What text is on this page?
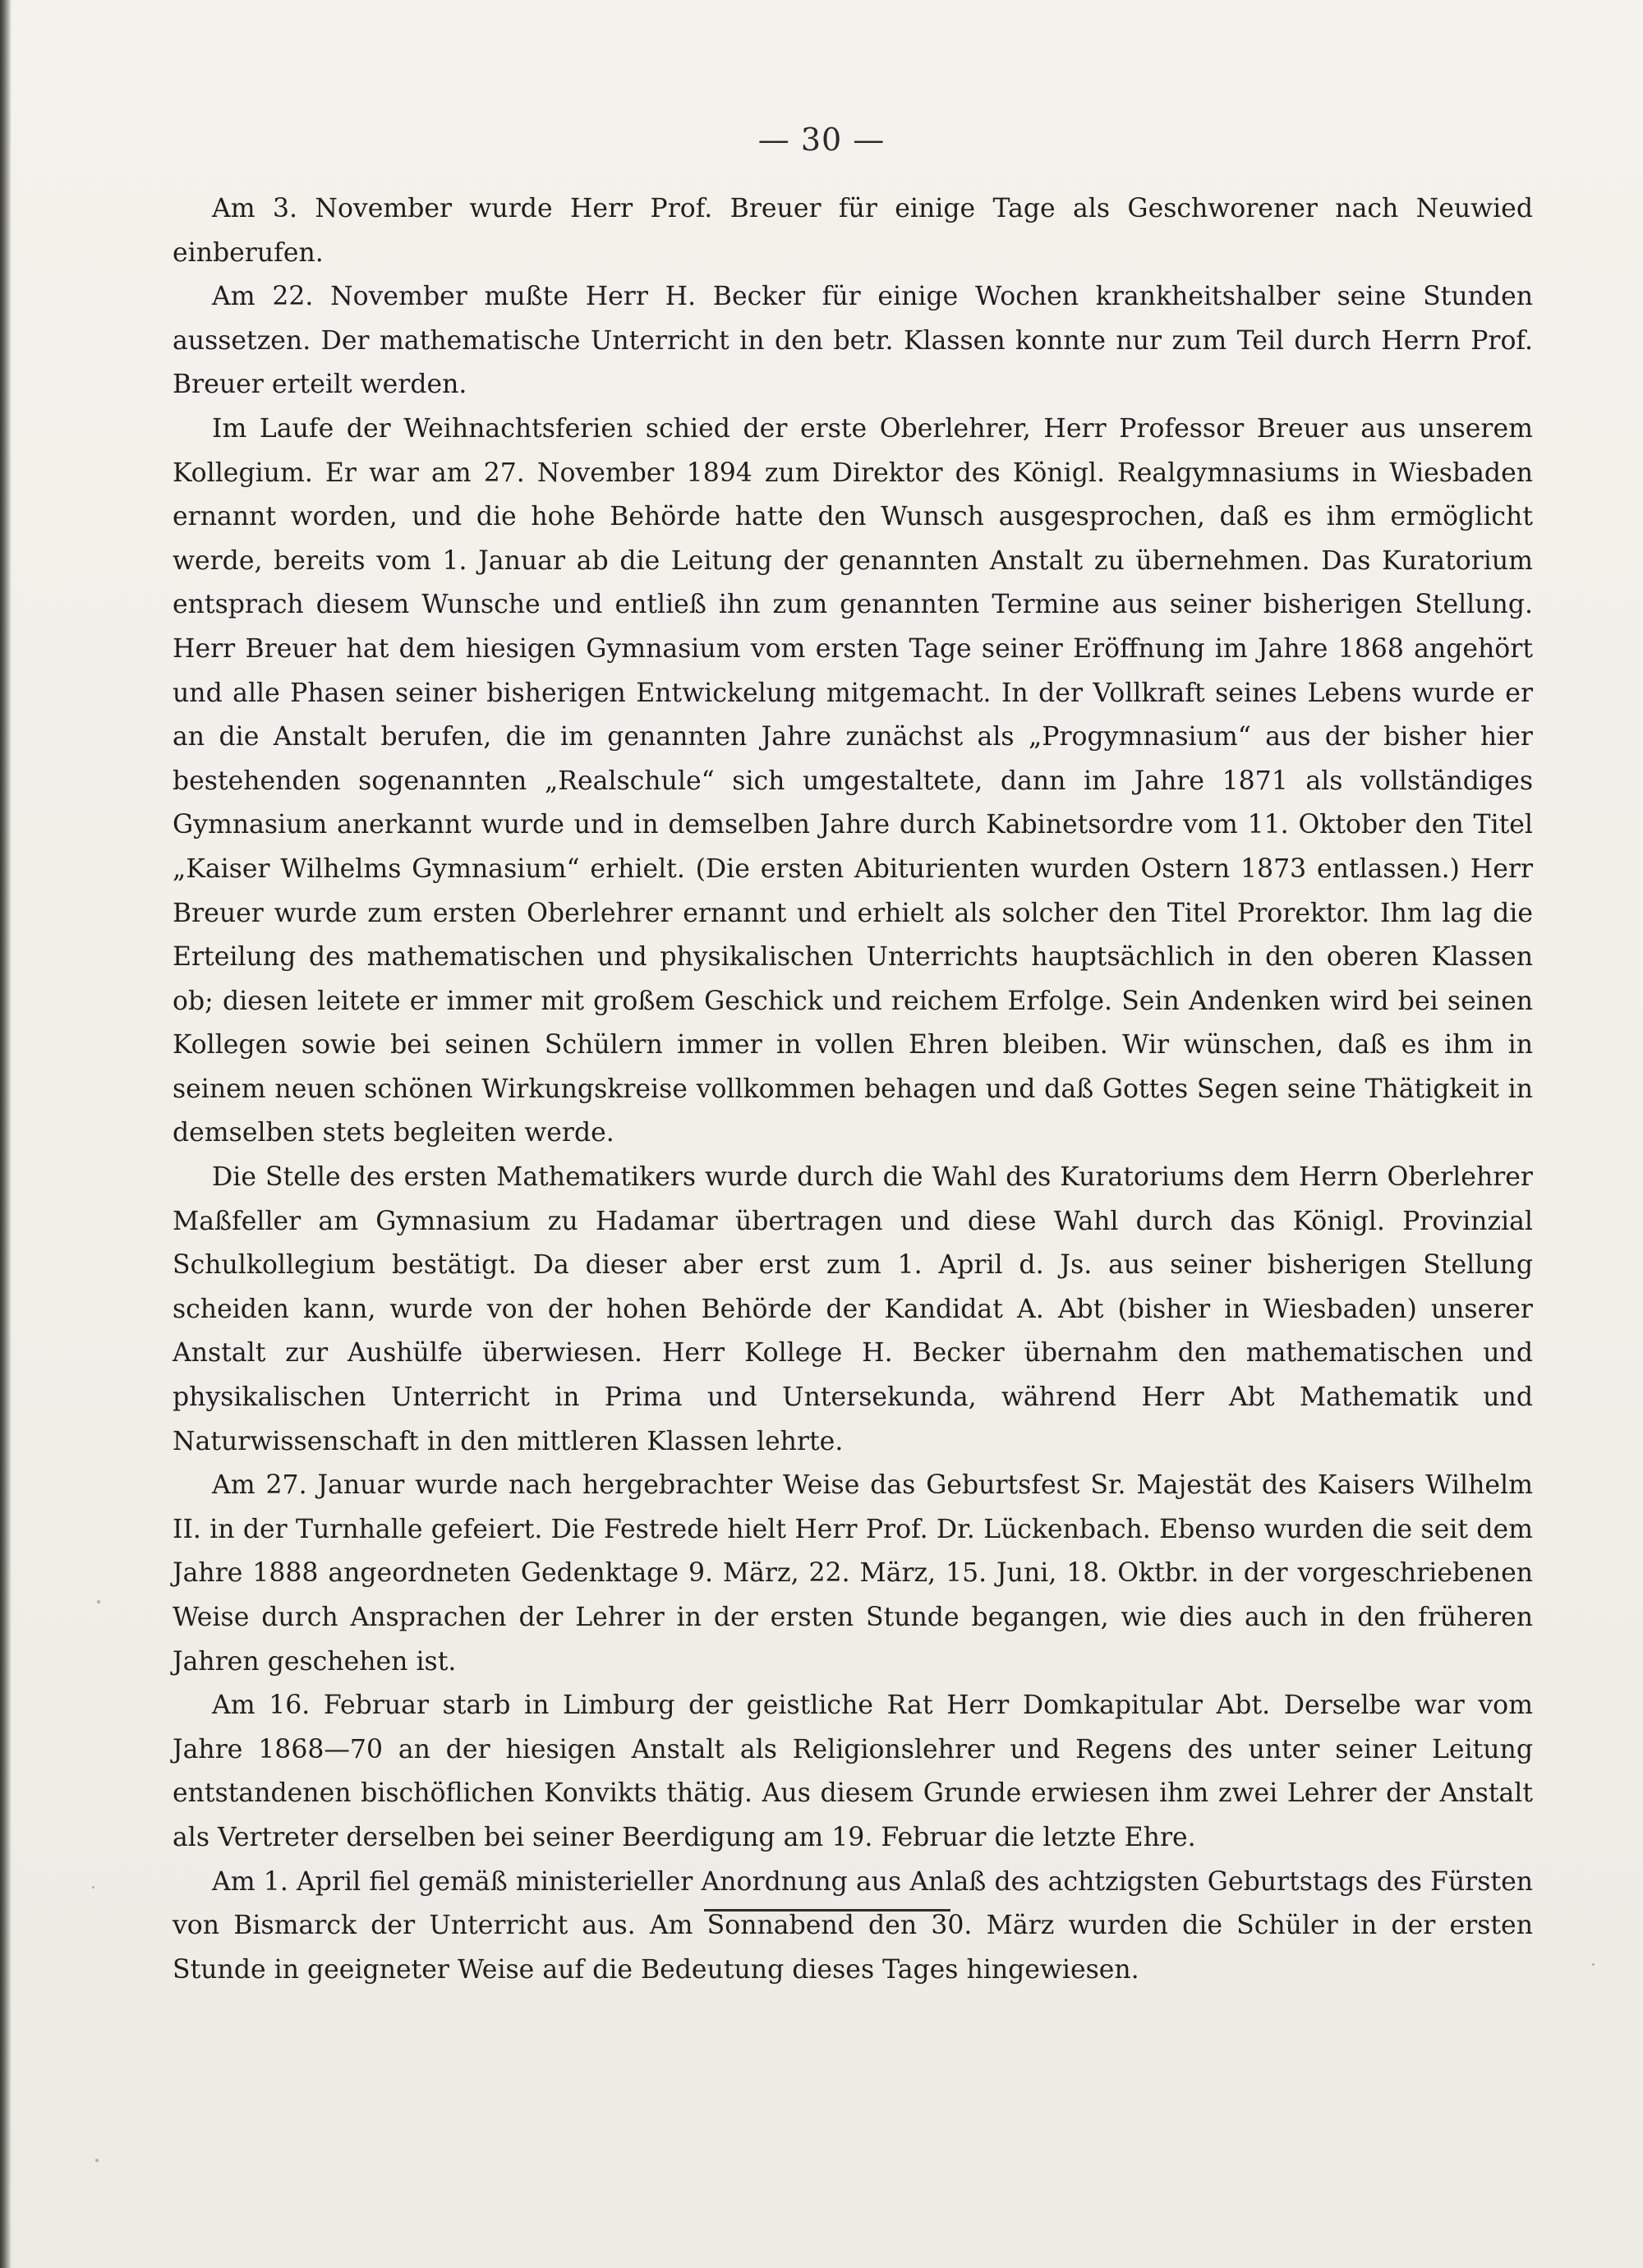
— 30 —

Am 3. November wurde Herr Prof. Breuer für einige Tage als Geschworener nach Neuwied einberufen.

Am 22. November mußte Herr H. Becker für einige Wochen krankheitshalber seine Stunden aussetzen. Der mathematische Unterricht in den betr. Klassen konnte nur zum Teil durch Herrn Prof. Breuer erteilt werden.

Im Laufe der Weihnachtsferien schied der erste Oberlehrer, Herr Professor Breuer aus unserem Kollegium. Er war am 27. November 1894 zum Direktor des Königl. Realgymnasiums in Wiesbaden ernannt worden, und die hohe Behörde hatte den Wunsch ausgesprochen, daß es ihm ermöglicht werde, bereits vom 1. Januar ab die Leitung der genannten Anstalt zu übernehmen. Das Kuratorium entsprach diesem Wunsche und entließ ihn zum genannten Termine aus seiner bisherigen Stellung. Herr Breuer hat dem hiesigen Gymnasium vom ersten Tage seiner Eröffnung im Jahre 1868 angehört und alle Phasen seiner bisherigen Entwickelung mitgemacht. In der Vollkraft seines Lebens wurde er an die Anstalt berufen, die im genannten Jahre zunächst als „Progymnasium“ aus der bisher hier bestehenden sogenannten „Realschule“ sich umgestaltete, dann im Jahre 1871 als vollständiges Gymnasium anerkannt wurde und in demselben Jahre durch Kabinetsordre vom 11. Oktober den Titel „Kaiser Wilhelms Gymnasium“ erhielt. (Die ersten Abiturienten wurden Ostern 1873 entlassen.) Herr Breuer wurde zum ersten Oberlehrer ernannt und erhielt als solcher den Titel Prorektor. Ihm lag die Erteilung des mathematischen und physikalischen Unterrichts hauptsächlich in den oberen Klassen ob; diesen leitete er immer mit großem Geschick und reichem Erfolge. Sein Andenken wird bei seinen Kollegen sowie bei seinen Schülern immer in vollen Ehren bleiben. Wir wünschen, daß es ihm in seinem neuen schönen Wirkungskreise vollkommen behagen und daß Gottes Segen seine Thätigkeit in demselben stets begleiten werde.

Die Stelle des ersten Mathematikers wurde durch die Wahl des Kuratoriums dem Herrn Oberlehrer Maßfeller am Gymnasium zu Hadamar übertragen und diese Wahl durch das Königl. Provinzial Schulkollegium bestätigt. Da dieser aber erst zum 1. April d. Js. aus seiner bisherigen Stellung scheiden kann, wurde von der hohen Behörde der Kandidat A. Abt (bisher in Wiesbaden) unserer Anstalt zur Aushülfe überwiesen. Herr Kollege H. Becker übernahm den mathematischen und physikalischen Unterricht in Prima und Untersekunda, während Herr Abt Mathematik und Naturwissenschaft in den mittleren Klassen lehrte.

Am 27. Januar wurde nach hergebrachter Weise das Geburtsfest Sr. Majestät des Kaisers Wilhelm II. in der Turnhalle gefeiert. Die Festrede hielt Herr Prof. Dr. Lückenbach. Ebenso wurden die seit dem Jahre 1888 angeordneten Gedenktage 9. März, 22. März, 15. Juni, 18. Oktbr. in der vorgeschriebenen Weise durch Ansprachen der Lehrer in der ersten Stunde begangen, wie dies auch in den früheren Jahren geschehen ist.

Am 16. Februar starb in Limburg der geistliche Rat Herr Domkapitular Abt. Derselbe war vom Jahre 1868—70 an der hiesigen Anstalt als Religionslehrer und Regens des unter seiner Leitung entstandenen bischöflichen Konvikts thätig. Aus diesem Grunde erwiesen ihm zwei Lehrer der Anstalt als Vertreter derselben bei seiner Beerdigung am 19. Februar die letzte Ehre.

Am 1. April fiel gemäß ministerieller Anordnung aus Anlaß des achtzigsten Geburtstags des Fürsten von Bismarck der Unterricht aus. Am Sonnabend den 30. März wurden die Schüler in der ersten Stunde in geeigneter Weise auf die Bedeutung dieses Tages hingewiesen.
